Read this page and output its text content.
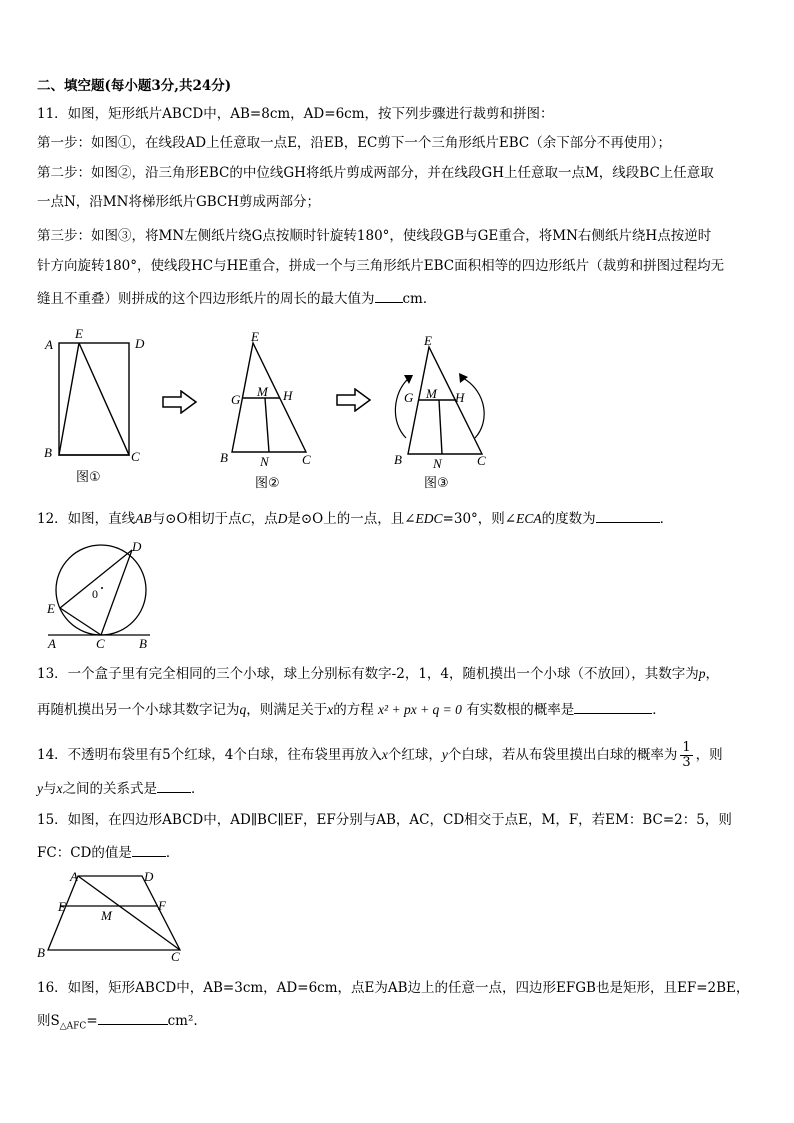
二、填空题(每小题3分,共24分)
11．如图，矩形纸片ABCD中，AB=8cm，AD=6cm，按下列步骤进行裁剪和拼图：
第一步：如图①，在线段AD上任意取一点E，沿EB，EC剪下一个三角形纸片EBC（余下部分不再使用）；
第二步：如图②，沿三角形EBC的中位线GH将纸片剪成两部分，并在线段GH上任意取一点M，线段BC上任意取
一点N，沿MN将梯形纸片GBCH剪成两部分；
第三步：如图③，将MN左侧纸片绕G点按顺时针旋转180°，使线段GB与GE重合，将MN右侧纸片绕H点按逆时
针方向旋转180°，使线段HC与HE重合，拼成一个与三角形纸片EBC面积相等的四边形纸片（裁剪和拼图过程均无
缝且不重叠）则拼成的这个四边形纸片的周长的最大值为 cm．
A	D
E
B	C
图①
E
G
M H
B N	C
图②
E
G M H
B N	C
图③
12．如图，直线AB与⊙O相切于点C，点D是⊙O上的一点，且∠EDC=30°，则∠ECA的度数为	．
D
0
E
A	C	B
13．一个盒子里有完全相同的三个小球，球上分别标有数字-2，1，4，随机摸出一个小球（不放回），其数字为p，
再随机摸出另一个小球其数字记为q，则满足关于x的方程 x² + px + q = 0 有实数根的概率是	．
14．不透明布袋里有5个红球，4个白球，往布袋里再放入x个红球，y个白球，若从布袋里摸出白球的概率为 $\frac{1}{3}$ ，则
y与x之间的关系式是	．
15．如图，在四边形ABCD中，AD∥BC∥EF，EF分别与AB，AC，CD相交于点E，M，F，若EM：BC=2：5，则
FC：CD的值是	．
A	D
E	F
M
B	C
16．如图，矩形ABCD中，AB=3cm，AD=6cm，点E为AB边上的任意一点，四边形EFGB也是矩形，且EF=2BE，
则$S_{\triangle AFC}=$	cm².
